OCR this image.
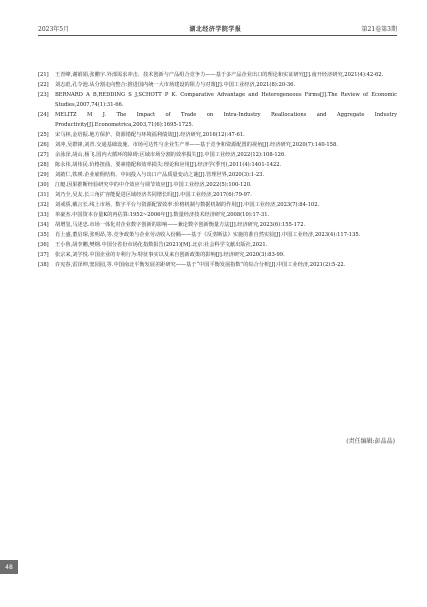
2023年5月	湖北经济学院学报	第21卷第3期
[21]	王青峰,谢娟娟,张鹏宇.外部需求冲击、技术创新与产品组合竞争力——基于多产品企业出口的理论和实证研究[J].南开经济研究,2021(4):42-62.
[22]	刘志彪,孔令池.从分割走向整合:推进国内统一大市场建设的阻力与对策[J].中国工业经济,2021(8):20-36.
[23]	BERNARD A B,REDDING S J,SCHOTT P K. Comparative Advantage and Heterogeneous Firms[J].The Review of Economic Studies,2007,74(1):31-66.
[24]	MELITZ M J. The Impact of Trade on Intra-Industry Reallocations and Aggregate Industry Productivity[J].Econometrica,2003,71(6):1695-1725.
[25]	宋马林,金培振.地方保护、资源错配与环境福利绩效[J].经济研究,2016(12):47-61.
[26]	刘冲,吴群锋,刘青.交通基础设施、市场可达性与企业生产率——基于竞争和资源配置的视角[J].经济研究,2020(7):140-158.
[27]	余泳泽,胡山,杨飞.国内大循环的障碍:区域市场分割的效率损失[J].中国工业经济,2022(12):108-126.
[28]	陈永伟,胡伟民.价格扭曲、要素错配和效率损失:理论和应用[J].经济学(季刊),2011(4):1401-1422.
[29]	刘啟仁,铁瑛.企业雇佣结构、中间投入与出口产品质量变动之谜[J].管理世界,2020(3):1-23.
[30]	江艇.因果推断经验研究中的中介效应与调节效应[J].中国工业经济,2022(5):100-120.
[31]	刘乃全,吴友.长三角扩容能促进区域经济共同增长吗[J].中国工业经济,2017(6):79-97.
[32]	刘戒骄,戴言长.线上市场、数字平台与资源配置效率:价格机制与数据机制的作用[J].中国工业经济,2023(7):84-102.
[33]	单豪杰.中国资本存量K的再估算:1952~2006年[J].数量经济技术经济研究,2008(10):17-31.
[34]	胡增玺,马述忠.市场一体化对企业数字创新的影响——兼论数字创新衡量方法[J].经济研究,2023(6):155-172.
[35]	肖土盛,董启琛,张明昂,等.竞争政策与企业劳动收入份额——基于《反垄断法》实施的准自然实验[J].中国工业经济,2023(4):117-135.
[36]	王小鲁,胡李鹏,樊纲.中国分省份市场化指数报告(2021)[M].北京:社会科学文献出版社,2021.
[37]	张宗来,刘学悦.中国企业的专利行为:特征事实以及来自创新政策的影响[J].经济研究,2020(3):83-99.
[38]	许宪春,雷泽坤,窦园园,等.中国南北平衡发展差距研究——基于“中国平衡发展指数”的综合分析[J].中国工业经济,2021(2):5-22.
(责任编辑:彭晶晶)
48
